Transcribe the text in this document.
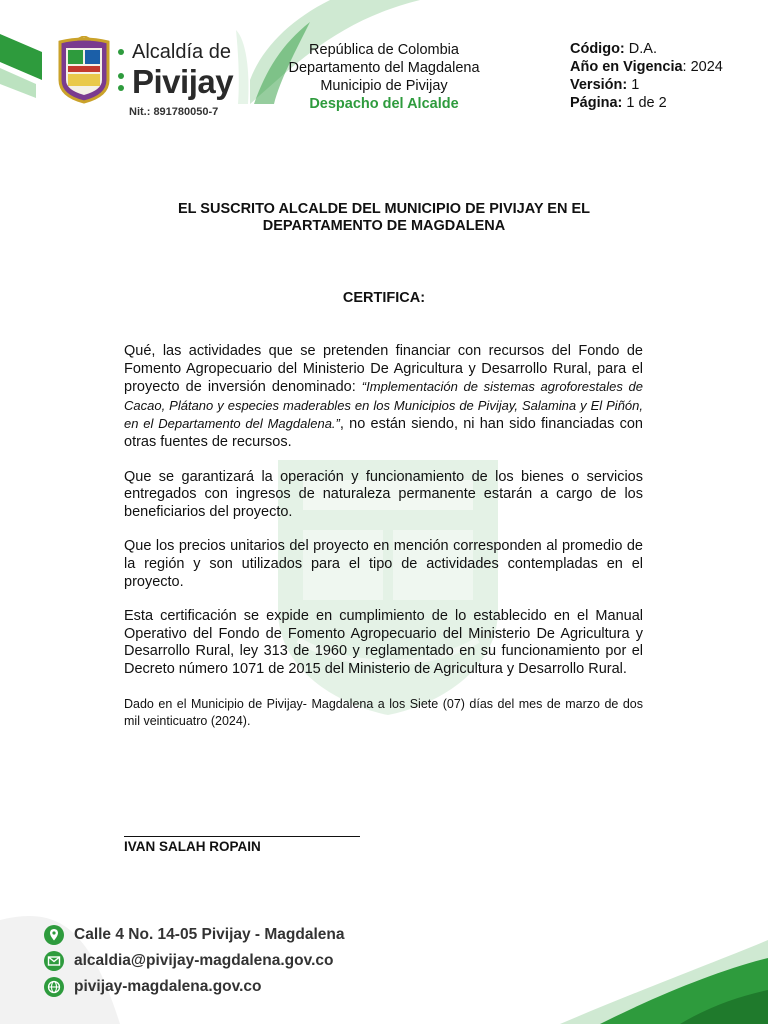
Alcaldía de
Pivijay
Nit.: 891780050-7
República de Colombia
Departamento del Magdalena
Municipio de Pivijay
Despacho del Alcalde
Código: D.A.
Año en Vigencia: 2024
Versión: 1
Página: 1 de 2
EL SUSCRITO ALCALDE DEL MUNICIPIO DE PIVIJAY EN EL
DEPARTAMENTO DE MAGDALENA
CERTIFICA:

Qué, las actividades que se pretenden financiar con recursos del Fondo de Fomento Agropecuario del Ministerio De Agricultura y Desarrollo Rural, para el proyecto de inversión denominado: “Implementación de sistemas agroforestales de Cacao, Plátano y especies maderables en los Municipios de Pivijay, Salamina y El Piñón, en el Departamento del Magdalena.”, no están siendo, ni han sido financiadas con otras fuentes de recursos.

Que se garantizará la operación y funcionamiento de los bienes o servicios entregados con ingresos de naturaleza permanente estarán a cargo de los beneficiarios del proyecto.

Que los precios unitarios del proyecto en mención corresponden al promedio de la región y son utilizados para el tipo de actividades contempladas en el proyecto.

Esta certificación se expide en cumplimiento de lo establecido en el Manual Operativo del Fondo de Fomento Agropecuario del Ministerio De Agricultura y Desarrollo Rural, ley 313 de 1960 y reglamentado en su funcionamiento por el Decreto número 1071 de 2015 del Ministerio de Agricultura y Desarrollo Rural.

Dado en el Municipio de Pivijay- Magdalena a los Siete (07) días del mes de marzo de dos mil veinticuatro (2024).

IVAN SALAH ROPAIN
Calle 4 No. 14-05 Pivijay - Magdalena
alcaldia@pivijay-magdalena.gov.co
pivijay-magdalena.gov.co
